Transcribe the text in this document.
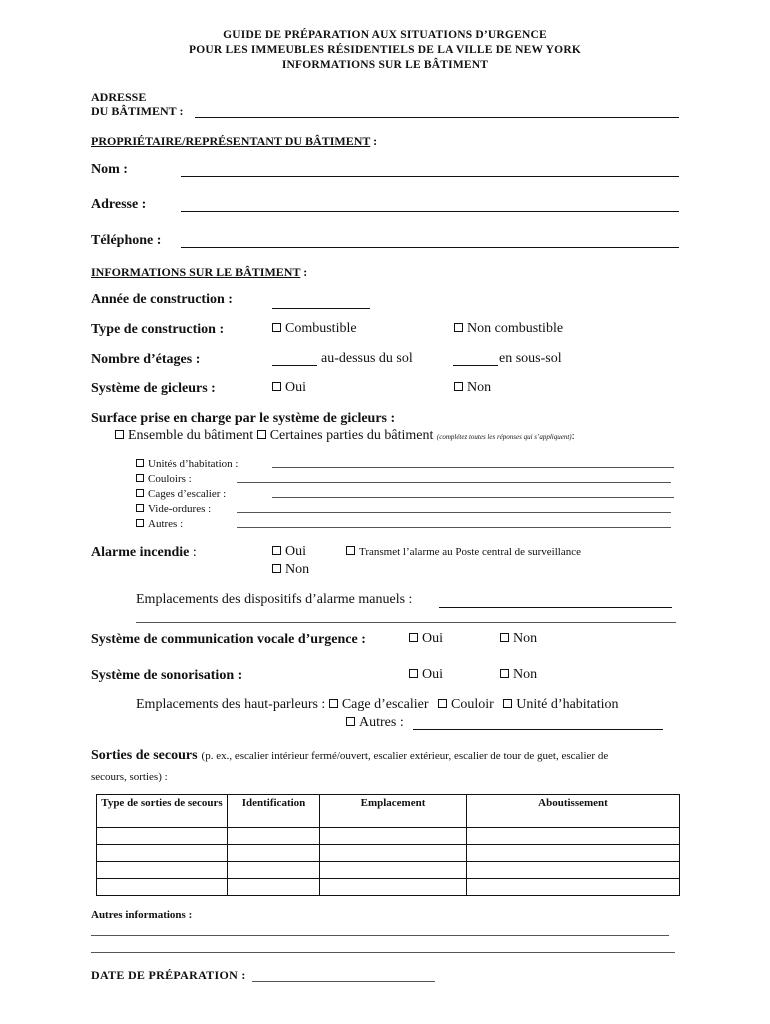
GUIDE DE PRÉPARATION AUX SITUATIONS D’URGENCE
POUR LES IMMEUBLES RÉSIDENTIELS DE LA VILLE DE NEW YORK
INFORMATIONS SUR LE BÂTIMENT
ADRESSE
DU BÂTIMENT :
PROPRIÉTAIRE/REPRÉSENTANT DU BÂTIMENT :
Nom :
Adresse :
Téléphone :
INFORMATIONS SUR LE BÂTIMENT :
Année de construction :
Type de construction :	Combustible	Non combustible
Nombre d’étages :	au-dessus du sol	en sous-sol
Système de gicleurs :	Oui	Non
Surface prise en charge par le système de gicleurs :
Ensemble du bâtiment Certaines parties du bâtiment (complétez toutes les réponses qui s’appliquent):
Unités d’habitation :
Couloirs :
Cages d’escalier :
Vide-ordures :
Autres :
Alarme incendie :	Oui
Non
Transmet l’alarme au Poste central de surveillance
Emplacements des dispositifs d’alarme manuels :
Système de communication vocale d’urgence :	Oui	Non
Système de sonorisation :	Oui	Non
Emplacements des haut-parleurs : Cage d’escalier Couloir Unité d’habitation
Autres :
Sorties de secours (p. ex., escalier intérieur fermé/ouvert, escalier extérieur, escalier de tour de guet, escalier de
secours, sorties) :
Type de sorties de secours	Identification	Emplacement	Aboutissement

Autres informations :
DATE DE PRÉPARATION :
